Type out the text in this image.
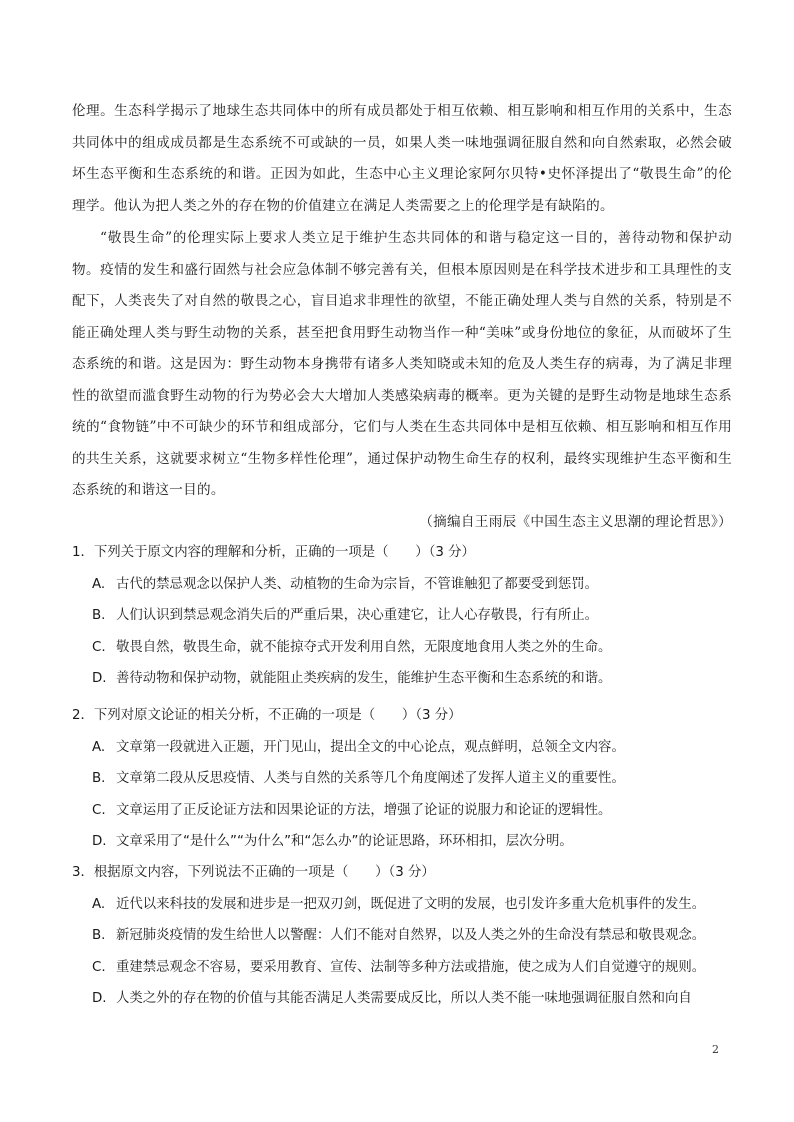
伦理。生态科学揭示了地球生态共同体中的所有成员都处于相互依赖、相互影响和相互作用的关系中，生态共同体中的组成成员都是生态系统不可或缺的一员，如果人类一味地强调征服自然和向自然索取，必然会破坏生态平衡和生态系统的和谐。正因为如此，生态中心主义理论家阿尔贝特•史怀泽提出了“敬畏生命”的伦理学。他认为把人类之外的存在物的价值建立在满足人类需要之上的伦理学是有缺陷的。

“敬畏生命”的伦理实际上要求人类立足于维护生态共同体的和谐与稳定这一目的，善待动物和保护动物。疫情的发生和盛行固然与社会应急体制不够完善有关，但根本原因则是在科学技术进步和工具理性的支配下，人类丧失了对自然的敬畏之心，盲目追求非理性的欲望，不能正确处理人类与自然的关系，特别是不能正确处理人类与野生动物的关系，甚至把食用野生动物当作一种“美味”或身份地位的象征，从而破坏了生态系统的和谐。这是因为：野生动物本身携带有诸多人类知晓或未知的危及人类生存的病毒，为了满足非理性的欲望而滥食野生动物的行为势必会大大增加人类感染病毒的概率。更为关键的是野生动物是地球生态系统的“食物链”中不可缺少的环节和组成部分，它们与人类在生态共同体中是相互依赖、相互影响和相互作用的共生关系，这就要求树立“生物多样性伦理”，通过保护动物生命生存的权利，最终实现维护生态平衡和生态系统的和谐这一目的。

（摘编自王雨辰《中国生态主义思潮的理论哲思》）

1．下列关于原文内容的理解和分析，正确的一项是（　　）（3 分）

A. 古代的禁忌观念以保护人类、动植物的生命为宗旨，不管谁触犯了都要受到惩罚。
B. 人们认识到禁忌观念消失后的严重后果，决心重建它，让人心存敬畏，行有所止。
C. 敬畏自然，敬畏生命，就不能掠夺式开发利用自然，无限度地食用人类之外的生命。
D. 善待动物和保护动物，就能阻止类疾病的发生，能维护生态平衡和生态系统的和谐。

2．下列对原文论证的相关分析，不正确的一项是（　　）（3 分）

A. 文章第一段就进入正题，开门见山，提出全文的中心论点，观点鲜明，总领全文内容。
B. 文章第二段从反思疫情、人类与自然的关系等几个角度阐述了发挥人道主义的重要性。
C. 文章运用了正反论证方法和因果论证的方法，增强了论证的说服力和论证的逻辑性。
D. 文章采用了“是什么”“为什么”和“怎么办”的论证思路，环环相扣，层次分明。

3．根据原文内容，下列说法不正确的一项是（　　）（3 分）

A. 近代以来科技的发展和进步是一把双刃剑，既促进了文明的发展，也引发许多重大危机事件的发生。
B. 新冠肺炎疫情的发生给世人以警醒：人们不能对自然界，以及人类之外的生命没有禁忌和敬畏观念。
C. 重建禁忌观念不容易，要采用教育、宣传、法制等多种方法或措施，使之成为人们自觉遵守的规则。
D. 人类之外的存在物的价值与其能否满足人类需要成反比，所以人类不能一味地强调征服自然和向自
2
